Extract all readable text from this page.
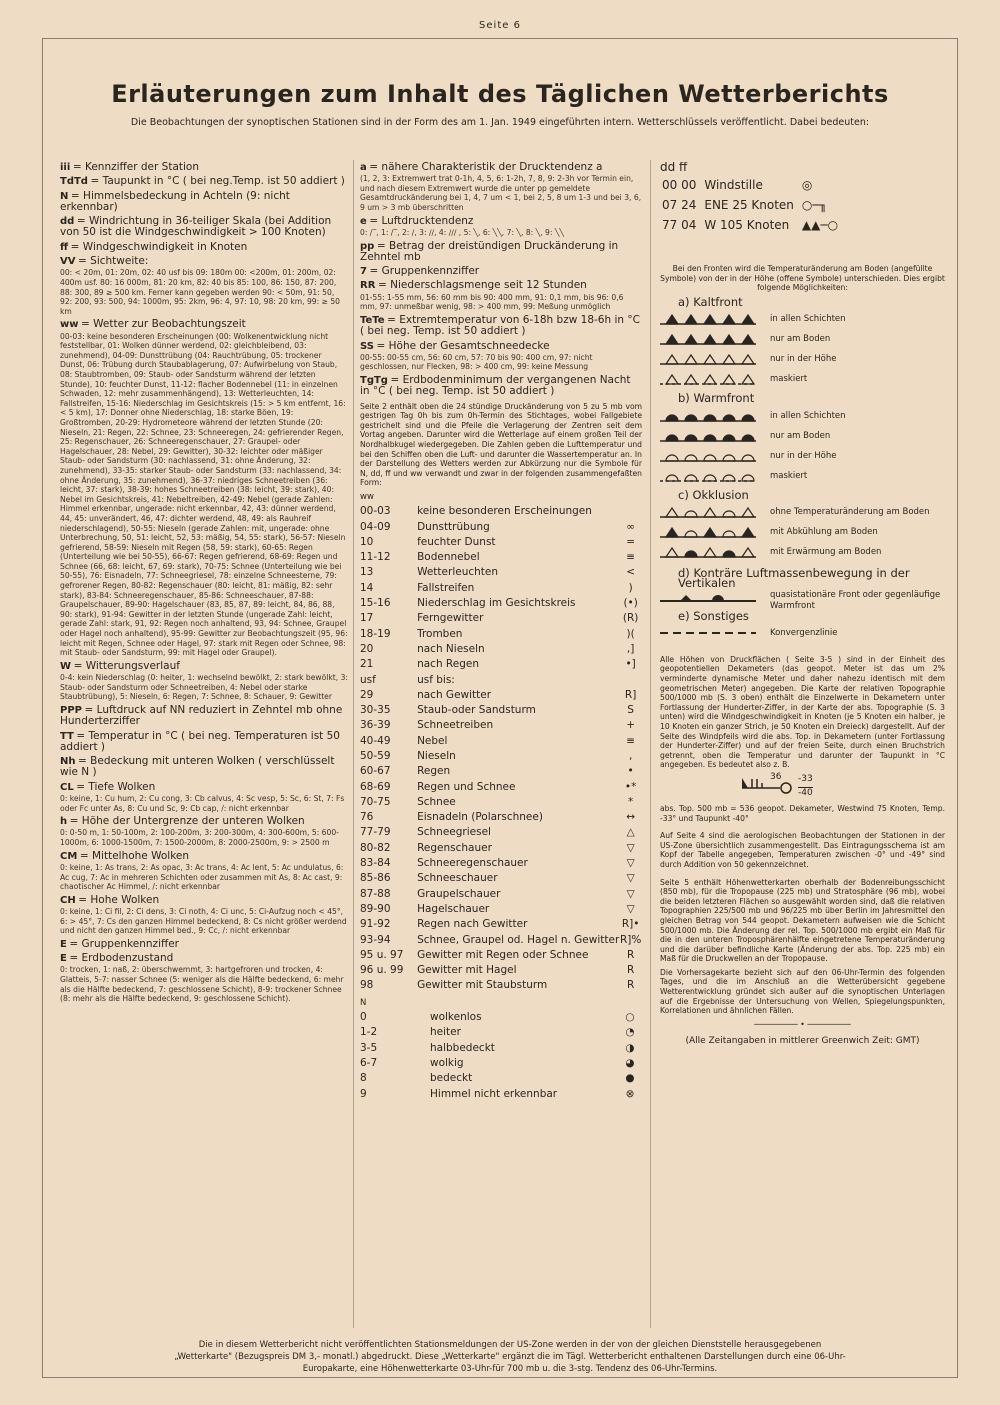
Seite 6
Erläuterungen zum Inhalt des Täglichen Wetterberichts
Die Beobachtungen der synoptischen Stationen sind in der Form des am 1. Jan. 1949 eingeführten intern. Wetterschlüssels veröffentlicht. Dabei bedeuten:
iii = Kennziffer der Station
TdTd = Taupunkt in °C ( bei neg.Temp. ist 50 addiert )
N = Himmelsbedeckung in Achteln (9: nicht erkennbar)
dd = Windrichtung in 36-teiliger Skala (bei Addition von 50 ist die Windgeschwindigkeit > 100 Knoten)
ff = Windgeschwindigkeit in Knoten
VV = Sichtweite:
00: < 20m, 01: 20m, 02: 40 usf bis 09: 180m 00: <200m, 01: 200m, 02: 400m usf. 80: 16 000m, 81: 20 km, 82: 40 bis 85: 100, 86: 150, 87: 200, 88: 300, 89 ≥ 500 km. Ferner kann gegeben werden 90: < 50m, 91: 50, 92: 200, 93: 500, 94: 1000m, 95: 2km, 96: 4, 97: 10, 98: 20 km, 99: ≥ 50 km
ww = Wetter zur Beobachtungszeit
00-03: keine besonderen Erscheinungen (00: Wolkenentwicklung nicht feststellbar, 01: Wolken dünner werdend, 02: gleichbleibend, 03: zunehmend), 04-09: Dunsttrübung (04: Rauchtrübung, 05: trockener Dunst, 06: Trübung durch Staubablagerung, 07: Aufwirbelung von Staub, 08: Staubtromben, 09: Staub- oder Sandsturm während der letzten Stunde), 10: feuchter Dunst, 11-12: flacher Bodennebel (11: in einzelnen Schwaden, 12: mehr zusammenhängend), 13: Wetterleuchten, 14: Fallstreifen, 15-16: Niederschlag im Gesichtskreis (15: > 5 km entfernt, 16: < 5 km), 17: Donner ohne Niederschlag, 18: starke Böen, 19: Großtromben, 20-29: Hydrometeore während der letzten Stunde (20: Nieseln, 21: Regen, 22: Schnee, 23: Schneeregen, 24: gefrierender Regen, 25: Regenschauer, 26: Schneeregenschauer, 27: Graupel- oder Hagelschauer, 28: Nebel, 29: Gewitter), 30-32: leichter oder mäßiger Staub- oder Sandsturm (30: nachlassend, 31: ohne Änderung, 32: zunehmend), 33-35: starker Staub- oder Sandsturm (33: nachlassend, 34: ohne Änderung, 35: zunehmend), 36-37: niedriges Schneetreiben (36: leicht, 37: stark), 38-39: hohes Schneetreiben (38: leicht, 39: stark), 40: Nebel im Gesichtskreis, 41: Nebeltreiben, 42-49: Nebel (gerade Zahlen: Himmel erkennbar, ungerade: nicht erkennbar, 42, 43: dünner werdend, 44, 45: unverändert, 46, 47: dichter werdend, 48, 49: als Rauhreif niederschlagend), 50-55: Nieseln (gerade Zahlen: mit, ungerade: ohne Unterbrechung, 50, 51: leicht, 52, 53: mäßig, 54, 55: stark), 56-57: Nieseln gefrierend, 58-59: Nieseln mit Regen (58, 59: stark), 60-65: Regen (Unterteilung wie bei 50-55), 66-67: Regen gefrierend, 68-69: Regen und Schnee (66, 68: leicht, 67, 69: stark), 70-75: Schnee (Unterteilung wie bei 50-55), 76: Eisnadeln, 77: Schneegriesel, 78: einzelne Schneesterne, 79: gefrorener Regen, 80-82: Regenschauer (80: leicht, 81: mäßig, 82: sehr stark), 83-84: Schneeregenschauer, 85-86: Schneeschauer, 87-88: Graupelschauer, 89-90: Hagelschauer (83, 85, 87, 89: leicht, 84, 86, 88, 90: stark), 91-94: Gewitter in der letzten Stunde (ungerade Zahl: leicht, gerade Zahl: stark, 91, 92: Regen noch anhaltend, 93, 94: Schnee, Graupel oder Hagel noch anhaltend), 95-99: Gewitter zur Beobachtungszeit (95, 96: leicht mit Regen, Schnee oder Hagel, 97: stark mit Regen oder Schnee, 98: mit Staub- oder Sandsturm, 99: mit Hagel oder Graupel).
W = Witterungsverlauf
0-4: kein Niederschlag (0: heiter, 1: wechselnd bewölkt, 2: stark bewölkt, 3: Staub- oder Sandsturm oder Schneetreiben, 4: Nebel oder starke Staubtrübung), 5: Nieseln, 6: Regen, 7: Schnee, 8: Schauer, 9: Gewitter
PPP = Luftdruck auf NN reduziert in Zehntel mb ohne Hunderterziffer
TT = Temperatur in °C ( bei neg. Temperaturen ist 50 addiert )
Nh = Bedeckung mit unteren Wolken ( verschlüsselt wie N )
CL = Tiefe Wolken
0: keine, 1: Cu hum, 2: Cu cong, 3: Cb calvus, 4: Sc vesp, 5: Sc, 6: St, 7: Fs oder Fc unter As, 8: Cu und Sc, 9: Cb cap, /: nicht erkennbar
h = Höhe der Untergrenze der unteren Wolken
0: 0-50 m, 1: 50-100m, 2: 100-200m, 3: 200-300m, 4: 300-600m, 5: 600-1000m, 6: 1000-1500m, 7: 1500-2000m, 8: 2000-2500m, 9: > 2500 m
CM = Mittelhohe Wolken
0: keine, 1: As trans, 2: As opac, 3: Ac trans, 4: Ac lent, 5: Ac undulatus, 6: Ac cug, 7: Ac in mehreren Schichten oder zusammen mit As, 8: Ac cast, 9: chaotischer Ac Himmel, /: nicht erkennbar
CH = Hohe Wolken
0: keine, 1: Ci fil, 2: Ci dens, 3: Ci noth, 4: Ci unc, 5: Ci-Aufzug noch < 45°, 6: > 45°, 7: Cs den ganzen Himmel bedeckend, 8: Cs nicht größer werdend und nicht den ganzen Himmel bed., 9: Cc, /: nicht erkennbar
E = Gruppenkennziffer
E = Erdbodenzustand
0: trocken, 1: naß, 2: überschwemmt, 3: hartgefroren und trocken, 4: Glatteis, 5-7: nasser Schnee (5: weniger als die Hälfte bedeckend, 6: mehr als die Hälfte bedeckend, 7: geschlossene Schicht), 8-9: trockener Schnee (8: mehr als die Hälfte bedeckend, 9: geschlossene Schicht).
a = nähere Charakteristik der Drucktendenz a
(1, 2, 3: Extremwert trat 0-1h, 4, 5, 6: 1-2h, 7, 8, 9: 2-3h vor Termin ein, und nach diesem Extremwert wurde die unter pp gemeldete Gesamtdruckänderung bei 1, 4, 7 um < 1, bei 2, 5, 8 um 1-3 und bei 3, 6, 9 um > 3 mb überschritten
e = Luftdrucktendenz
0: ∕‾, 1: ∕‾, 2: ∕, 3: ∕∕, 4: ∕∕∕ , 5: ╲, 6: ╲╲, 7: ╲, 8: ╲, 9: ╲╲
pp = Betrag der dreistündigen Druckänderung in Zehntel mb
7 = Gruppenkennziffer
RR = Niederschlagsmenge seit 12 Stunden
01-55: 1-55 mm, 56: 60 mm bis 90: 400 mm, 91: 0,1 mm, bis 96: 0,6 mm, 97: unmeßbar wenig, 98: > 400 mm, 99: Meßung unmöglich
TeTe = Extremtemperatur von 6-18h bzw 18-6h in °C ( bei neg. Temp. ist 50 addiert )
SS = Höhe der Gesamtschneedecke
00-55: 00-55 cm, 56: 60 cm, 57: 70 bis 90: 400 cm, 97: nicht geschlossen, nur Flecken, 98: > 400 cm, 99: keine Messung
TgTg = Erdbodenminimum der vergangenen Nacht in °C ( bei neg. Temp. ist 50 addiert )
Seite 2 enthält oben die 24 stündige Druckänderung von 5 zu 5 mb vom gestrigen Tag 0h bis zum 0h-Termin des Stichtages, wobei Fallgebiete gestrichelt sind und die Pfeile die Verlagerung der Zentren seit dem Vortag angeben. Darunter wird die Wetterlage auf einem großen Teil der Nordhalbkugel wiedergegeben. Die Zahlen geben die Lufttemperatur und bei den Schiffen oben die Luft- und darunter die Wassertemperatur an. In der Darstellung des Wetters werden zur Abkürzung nur die Symbole für N, dd, ff und ww verwandt und zwar in der folgenden zusammengefaßten Form:
ww
00-03	keine besonderen Erscheinungen	
04-09	Dunsttrübung	∞
10	feuchter Dunst	=
11-12	Bodennebel	≡
13	Wetterleuchten	<
14	Fallstreifen	)
15-16	Niederschlag im Gesichtskreis	(•)
17	Ferngewitter	(R)
18-19	Tromben	)(
20	nach Nieseln	,]
21	nach Regen	•]
usf	usf bis:	
29	nach Gewitter	R]
30-35	Staub-oder Sandsturm	S
36-39	Schneetreiben	+
40-49	Nebel	≡
50-59	Nieseln	,
60-67	Regen	•
68-69	Regen und Schnee	•*
70-75	Schnee	*
76	Eisnadeln (Polarschnee)	↔
77-79	Schneegriesel	△
80-82	Regenschauer	▽
83-84	Schneeregenschauer	▽
85-86	Schneeschauer	▽
87-88	Graupelschauer	▽
89-90	Hagelschauer	▽
91-92	Regen nach Gewitter	R]•
93-94	Schnee, Graupel od. Hagel n. Gewitter	R]%
95 u. 97	Gewitter mit Regen oder Schnee	R
96 u. 99	Gewitter mit Hagel	R
98	Gewitter mit Staubsturm	R
N
0	wolkenlos	○
1-2	heiter	◔
3-5	halbbedeckt	◑
6-7	wolkig	◕
8	bedeckt	●
9	Himmel nicht erkennbar	⊗
dd ff
00 00	Windstille	◎
07 24	ENE 25 Knoten	○─╖
77 04	W 105 Knoten	▲▲─○
Bei den Fronten wird die Temperaturänderung am Boden (angefüllte Symbole) von der in der Höhe (offene Symbole) unterschieden. Dies ergibt folgende Möglichkeiten:
a) Kaltfront
in allen Schichten
nur am Boden
nur in der Höhe
maskiert
b) Warmfront
in allen Schichten
nur am Boden
nur in der Höhe
maskiert
c) Okklusion
ohne Temperaturänderung am Boden
mit Abkühlung am Boden
mit Erwärmung am Boden
d) Konträre Luftmassenbewegung in der Vertikalen
quasistationäre Front oder gegenläufige Warmfront
e) Sonstiges
Konvergenzlinie
Alle Höhen von Druckflächen ( Seite 3-5 ) sind in der Einheit des geopotentiellen Dekameters (das geopot. Meter ist das um 2% verminderte dynamische Meter und daher nahezu identisch mit dem geometrischen Meter) angegeben. Die Karte der relativen Topographie 500/1000 mb (S. 3 oben) enthält die Einzelwerte in Dekametern unter Fortlassung der Hunderter-Ziffer, in der Karte der abs. Topographie (S. 3 unten) wird die Windgeschwindigkeit in Knoten (je 5 Knoten ein halber, je 10 Knoten ein ganzer Strich, je 50 Knoten ein Dreieck) dargestellt. Auf der Seite des Windpfeils wird die abs. Top. in Dekametern (unter Fortlassung der Hunderter-Ziffer) und auf der freien Seite, durch einen Bruchstrich getrennt, oben die Temperatur und darunter der Taupunkt in °C angegeben. Es bedeutet also z. B.
36 -33
-40
abs. Top. 500 mb = 536 geopot. Dekameter, Westwind 75 Knoten, Temp. -33° und Taupunkt -40°
Auf Seite 4 sind die aerologischen Beobachtungen der Stationen in der US-Zone übersichtlich zusammengestellt. Das Eintragungsschema ist am Kopf der Tabelle angegeben, Temperaturen zwischen -0° und -49° sind durch Addition von 50 gekennzeichnet.
Seite 5 enthält Höhenwetterkarten oberhalb der Bodenreibungsschicht (850 mb), für die Tropopause (225 mb) und Stratosphäre (96 mb), wobei die beiden letzteren Flächen so ausgewählt worden sind, daß die relativen Topographien 225/500 mb und 96/225 mb über Berlin im Jahresmittel den gleichen Betrag von 544 geopot. Dekametern aufweisen wie die Schicht 500/1000 mb. Die Änderung der rel. Top. 500/1000 mb ergibt ein Maß für die in den unteren Troposphärenhälfte eingetretene Temperaturänderung und die darüber befindliche Karte (Änderung der abs. Top. 225 mb) ein Maß für die Druckwellen an der Tropopause.
Die Vorhersagekarte bezieht sich auf den 06-Uhr-Termin des folgenden Tages, und die im Anschluß an die Wetterübersicht gegebene Wetterentwicklung gründet sich außer auf die synoptischen Unterlagen auf die Ergebnisse der Untersuchung von Wellen, Spiegelungspunkten, Korrelationen und ähnlichen Fällen.
───────── • ─────────
(Alle Zeitangaben in mittlerer Greenwich Zeit: GMT)
Die in diesem Wetterbericht nicht veröffentlichten Stationsmeldungen der US-Zone werden in der von der gleichen Dienststelle herausgegebenen „Wetterkarte" (Bezugspreis DM 3,- monatl.) abgedruckt. Diese „Wetterkarte" ergänzt die im Tägl. Wetterbericht enthaltenen Darstellungen durch eine 06-Uhr-Europakarte, eine Höhenwetterkarte 03-Uhr-für 700 mb u. die 3-stg. Tendenz des 06-Uhr-Termins.
